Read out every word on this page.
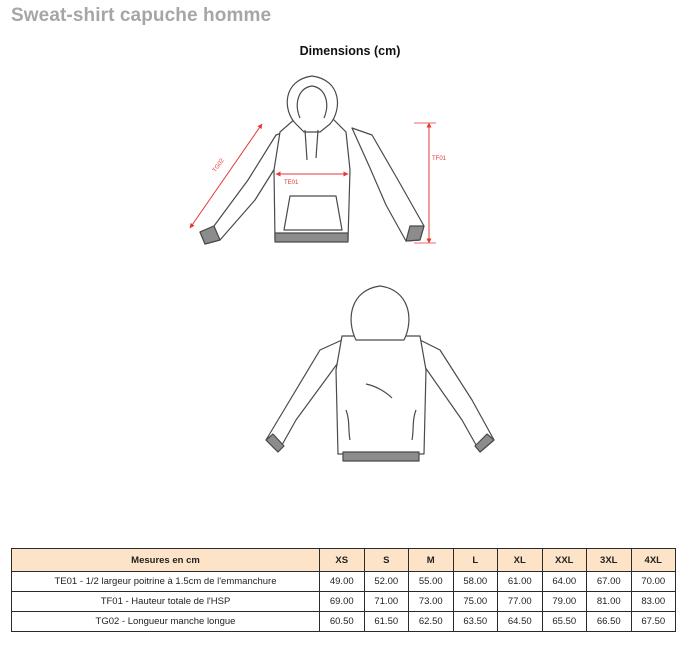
Sweat-shirt capuche homme
Dimensions (cm)
TG02
TE01
TF01
Mesures en cm	XS	S	M	L	XL	XXL	3XL	4XL
TE01 - 1/2 largeur poitrine à 1.5cm de l'emmanchure	49.00	52.00	55.00	58.00	61.00	64.00	67.00	70.00
TF01 - Hauteur totale de l'HSP	69.00	71.00	73.00	75.00	77.00	79.00	81.00	83.00
TG02 - Longueur manche longue	60.50	61.50	62.50	63.50	64.50	65.50	66.50	67.50
